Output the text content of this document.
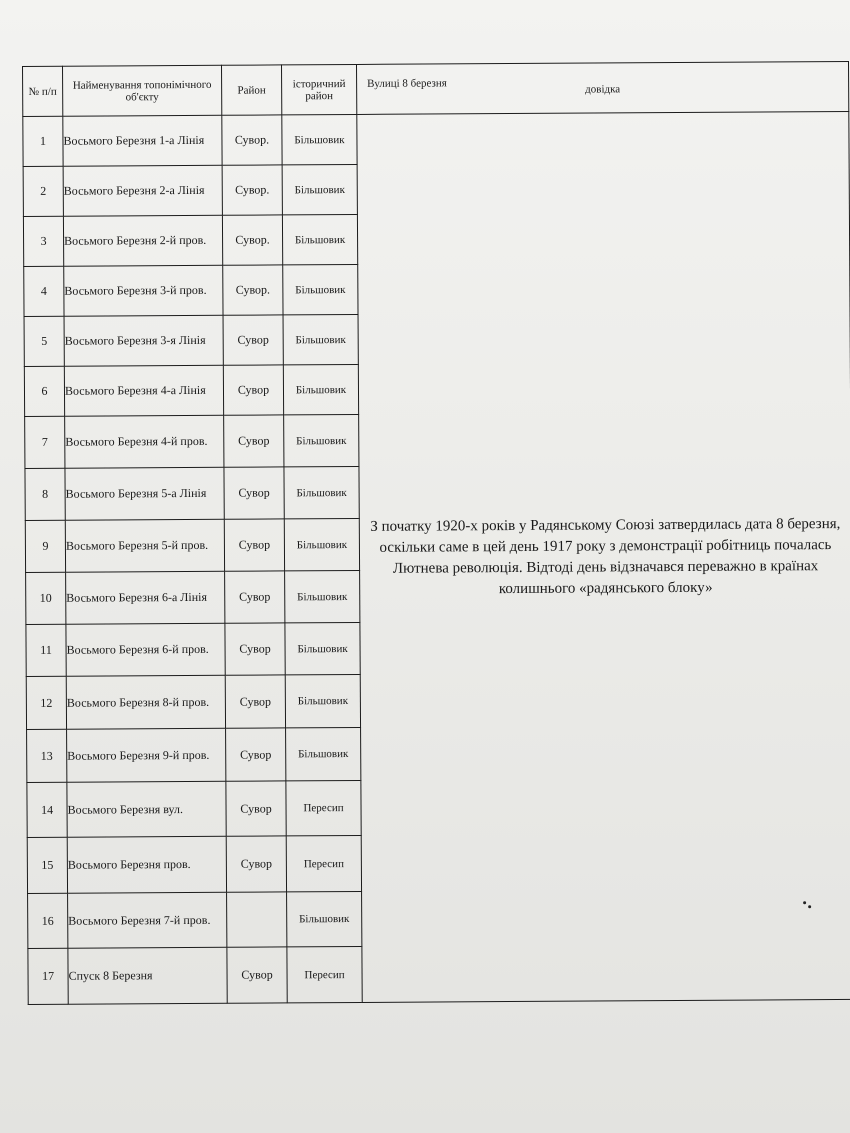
Вулиці 8 березня
№ п/п	Найменування топонімічного об'єкту	Район	історичний район	довідка
1	Восьмого Березня 1-а Лінія	Сувор.	Більшовик	З початку 1920-х років у Радянському Союзі затвердилась дата 8 березня, оскільки саме в цей день 1917 року з демонстрації робітниць почалась Лютнева революція. Відтоді день відзначався переважно в країнах колишнього «радянського блоку»

2	Восьмого Березня 2-а Лінія	Сувор.	Більшовик	
3	Восьмого Березня 2-й пров.	Сувор.	Більшовик	
4	Восьмого Березня 3-й пров.	Сувор.	Більшовик	
5	Восьмого Березня 3-я Лінія	Сувор	Більшовик	
6	Восьмого Березня 4-а Лінія	Сувор	Більшовик	
7	Восьмого Березня 4-й пров.	Сувор	Більшовик	
8	Восьмого Березня 5-а Лінія	Сувор	Більшовик	
9	Восьмого Березня 5-й пров.	Сувор	Більшовик	
10	Восьмого Березня 6-а Лінія	Сувор	Більшовик	
11	Восьмого Березня 6-й пров.	Сувор	Більшовик	
12	Восьмого Березня 8-й пров.	Сувор	Більшовик	
13	Восьмого Березня 9-й пров.	Сувор	Більшовик	
14	Восьмого Березня вул.	Сувор	Пересип	
15	Восьмого Березня пров.	Сувор	Пересип	
16	Восьмого Березня 7-й пров.		Більшовик	
17	Спуск 8 Березня	Сувор	Пересип	
